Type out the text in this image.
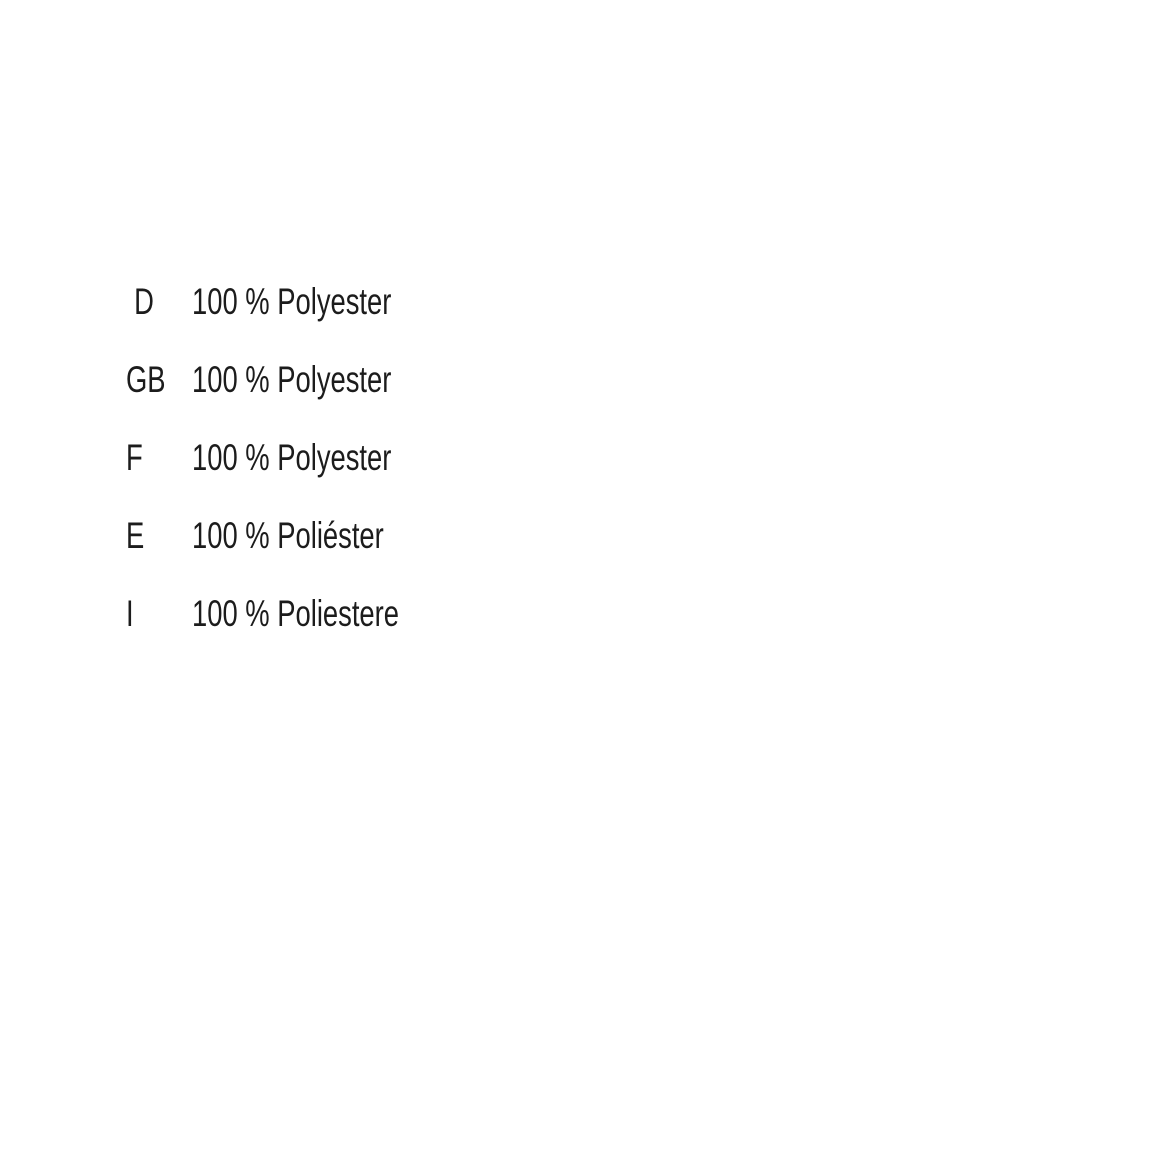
D 100 % Polyester
GB 100 % Polyester
F 100 % Polyester
E 100 % Poliéster
I 100 % Poliestere
